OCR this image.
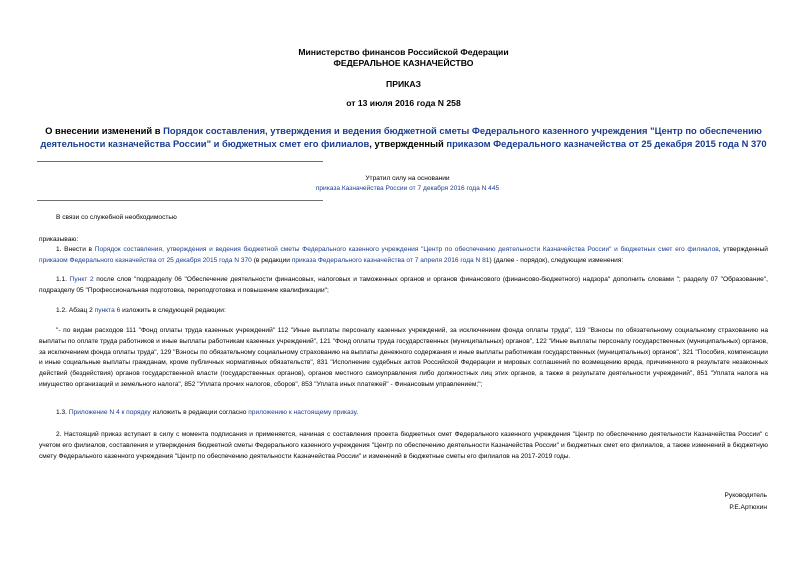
Министерство финансов Российской Федерации
ФЕДЕРАЛЬНОЕ КАЗНАЧЕЙСТВО
ПРИКАЗ
от 13 июля 2016 года N 258
О внесении изменений в Порядок составления, утверждения и ведения бюджетной сметы Федерального казенного учреждения "Центр по обеспечению деятельности казначейства России" и бюджетных смет его филиалов, утвержденный приказом Федерального казначейства от 25 декабря 2015 года N 370
Утратил силу на основании
приказа Казначейства России от 7 декабря 2016 года N 445
В связи со служебной необходимостью
приказываю:
1. Внести в Порядок составления, утверждения и ведения бюджетной сметы Федерального казенного учреждения "Центр по обеспечению деятельности Казначейства России" и бюджетных смет его филиалов, утвержденный приказом Федерального казначейства от 25 декабря 2015 года N 370 (в редакции приказа Федерального казначейства от 7 апреля 2016 года N 81) (далее - порядок), следующие изменения:
1.1. Пункт 2 после слов "подразделу 06 "Обеспечение деятельности финансовых, налоговых и таможенных органов и органов финансового (финансово-бюджетного) надзора" дополнить словами "; разделу 07 "Образование", подразделу 05 "Профессиональная подготовка, переподготовка и повышение квалификации";
1.2. Абзац 2 пункта 6 изложить в следующей редакции:
"- по видам расходов 111 "Фонд оплаты труда казенных учреждений" 112 "Иные выплаты персоналу казенных учреждений, за исключением фонда оплаты труда", 119 "Взносы по обязательному социальному страхованию на выплаты по оплате труда работников и иные выплаты работникам казенных учреждений", 121 "Фонд оплаты труда государственных (муниципальных) органов", 122 "Иные выплаты персоналу государственных (муниципальных) органов, за исключением фонда оплаты труда", 129 "Взносы по обязательному социальному страхованию на выплаты денежного содержания и иные выплаты работникам государственных (муниципальных) органов", 321 "Пособия, компенсации и иные социальные выплаты гражданам, кроме публичных нормативных обязательств", 831 "Исполнение судебных актов Российской Федерации и мировых соглашений по возмещению вреда, причиненного в результате незаконных действий (бездействия) органов государственной власти (государственных органов), органов местного самоуправления либо должностных лиц этих органов, а также в результате деятельности учреждений", 851 "Уплата налога на имущество организаций и земельного налога", 852 "Уплата прочих налогов, сборов", 853 "Уплата иных платежей" - Финансовым управлением;";
1.3. Приложение N 4 к порядку изложить в редакции согласно приложению к настоящему приказу.
2. Настоящий приказ вступает в силу с момента подписания и применяется, начиная с составления проекта бюджетных смет Федерального казенного учреждения "Центр по обеспечению деятельности Казначейства России" с учетом его филиалов, составления и утверждения бюджетной сметы Федерального казенного учреждения "Центр по обеспечению деятельности Казначейства России" и бюджетных смет его филиалов, а также изменений в бюджетную смету Федерального казенного учреждения "Центр по обеспечению деятельности Казначейства России" и изменений в бюджетные сметы его филиалов на 2017-2019 годы.
Руководитель
Р.Е.Артюхин
